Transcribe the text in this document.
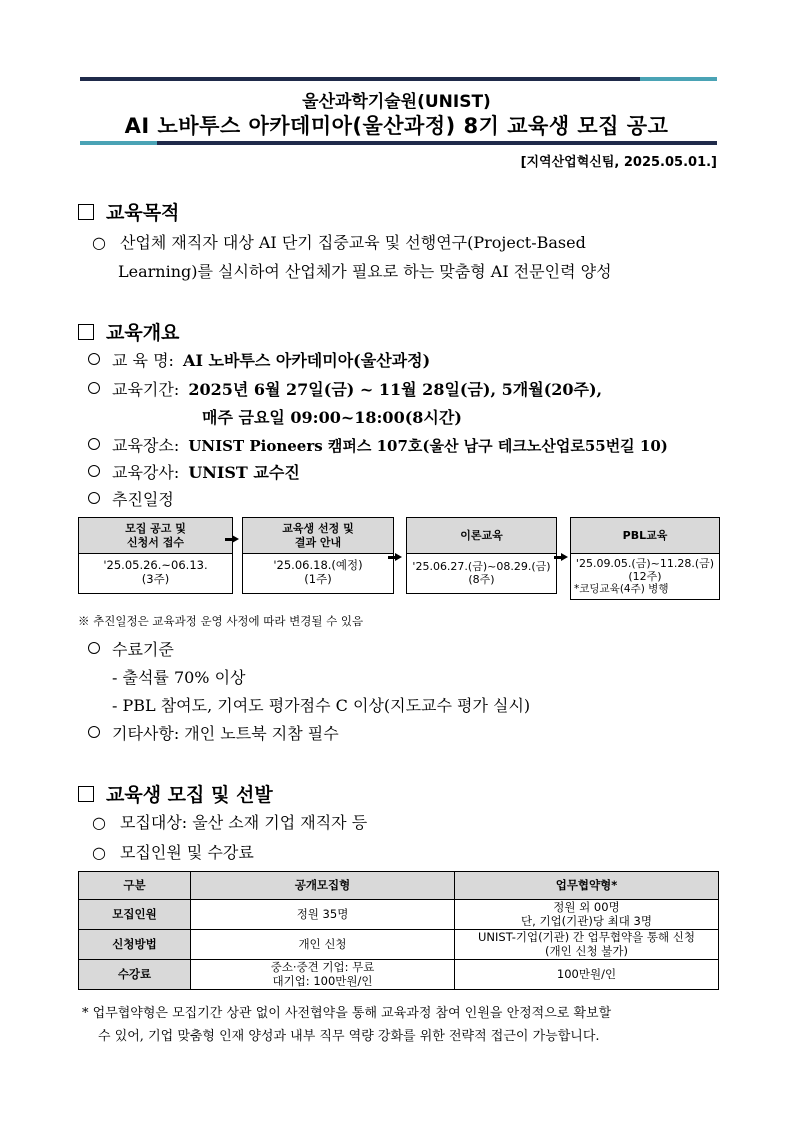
울산과학기술원(UNIST)
AI 노바투스 아카데미아(울산과정) 8기 교육생 모집 공고
[지역산업혁신팀, 2025.05.01.]
교육목적
○ 산업체 재직자 대상 AI 단기 집중교육 및 선행연구(Project-Based
Learning)를 실시하여 산업체가 필요로 하는 맞춤형 AI 전문인력 양성
교육개요
교 육 명: AI 노바투스 아카데미아(울산과정)
교육기간: 2025년 6월 27일(금) ~ 11월 28일(금), 5개월(20주),
매주 금요일 09:00~18:00(8시간)
교육장소: UNIST Pioneers 캠퍼스 107호(울산 남구 테크노산업로55번길 10)
교육강사: UNIST 교수진
추진일정
모집 공고 및
신청서 접수
'25.05.26.~06.13.
(3주)
교육생 선정 및
결과 안내
'25.06.18.(예정)
(1주)
이론교육
'25.06.27.(금)~08.29.(금)
(8주)
PBL교육
'25.09.05.(금)~11.28.(금)
(12주)
*코딩교육(4주) 병행
※ 추진일정은 교육과정 운영 사정에 따라 변경될 수 있음
수료기준
- 출석률 70% 이상
- PBL 참여도, 기여도 평가점수 C 이상(지도교수 평가 실시)
기타사항: 개인 노트북 지참 필수
교육생 모집 및 선발
○ 모집대상: 울산 소재 기업 재직자 등
○ 모집인원 및 수강료
구분	공개모집형	업무협약형*
모집인원	정원 35명	정원 외 00명
단, 기업(기관)당 최대 3명

신청방법	개인 신청	UNIST-기업(기관) 간 업무협약을 통해 신청
(개인 신청 불가)

수강료	중소·중견 기업: 무료
대기업: 100만원/인	100만원/인
* 업무협약형은 모집기간 상관 없이 사전협약을 통해 교육과정 참여 인원을 안정적으로 확보할
수 있어, 기업 맞춤형 인재 양성과 내부 직무 역량 강화를 위한 전략적 접근이 가능합니다.
